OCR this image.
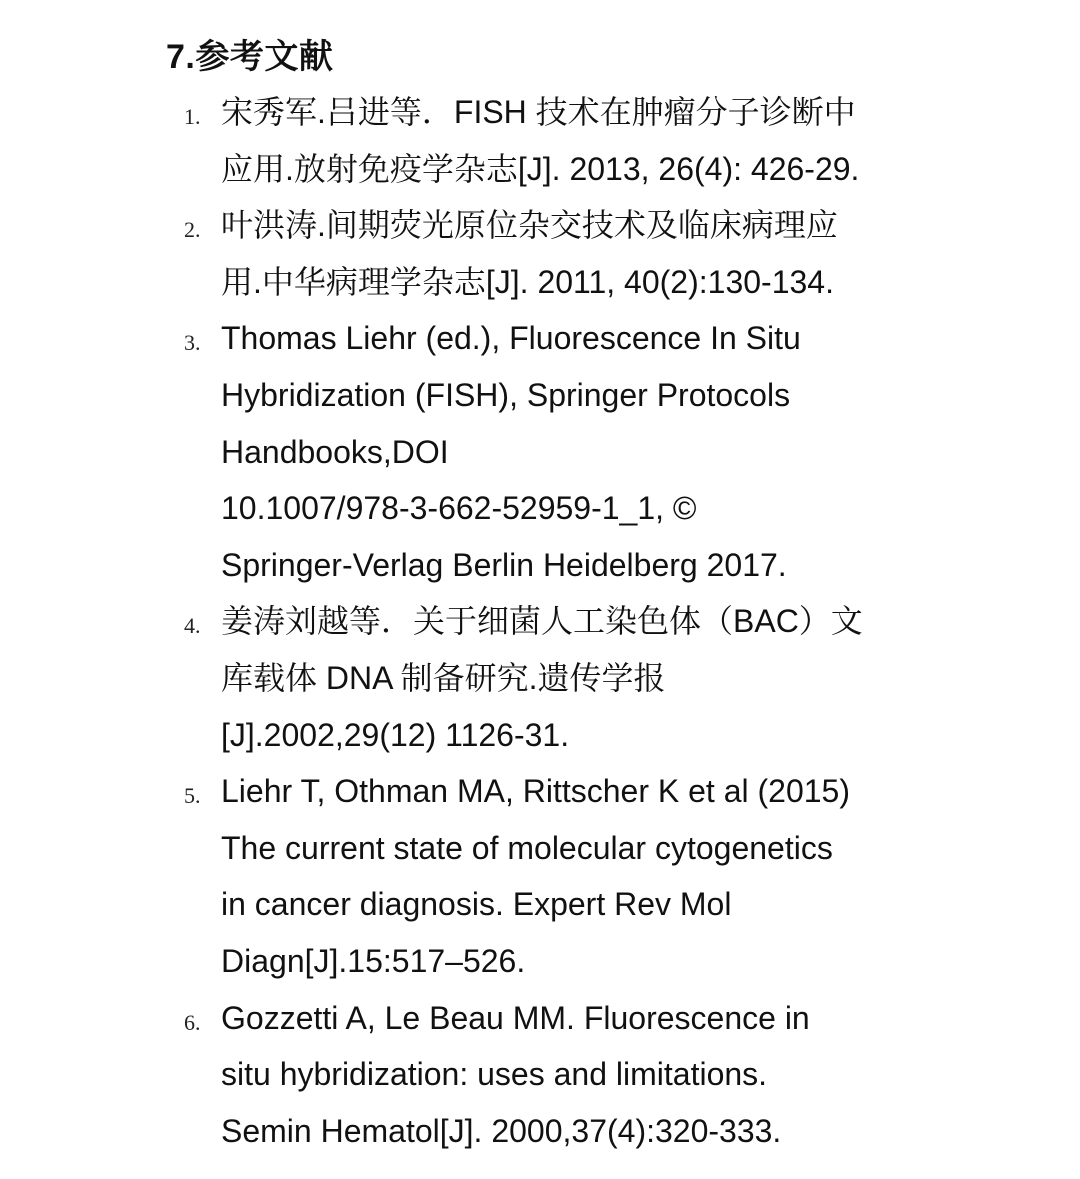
7.参考文献
1. 宋秀军.吕进等．FISH 技术在肿瘤分子诊断中
应用.放射免疫学杂志[J]. 2013, 26(4): 426-29.
2. 叶洪涛.间期荧光原位杂交技术及临床病理应
用.中华病理学杂志[J]. 2011, 40(2):130-134.
3. Thomas Liehr (ed.), Fluorescence In Situ
Hybridization (FISH), Springer Protocols
Handbooks,DOI
10.1007/978-3-662-52959-1_1, ©
Springer-Verlag Berlin Heidelberg 2017.
4. 姜涛刘越等．关于细菌人工染色体（BAC）文
库载体 DNA 制备研究.遗传学报
[J].2002,29(12) 1126-31.
5. Liehr T, Othman MA, Rittscher K et al (2015)
The current state of molecular cytogenetics
in cancer diagnosis. Expert Rev Mol
Diagn[J].15:517–526.
6. Gozzetti A, Le Beau MM. Fluorescence in
situ hybridization: uses and limitations.
Semin Hematol[J]. 2000,37(4):320-333.
